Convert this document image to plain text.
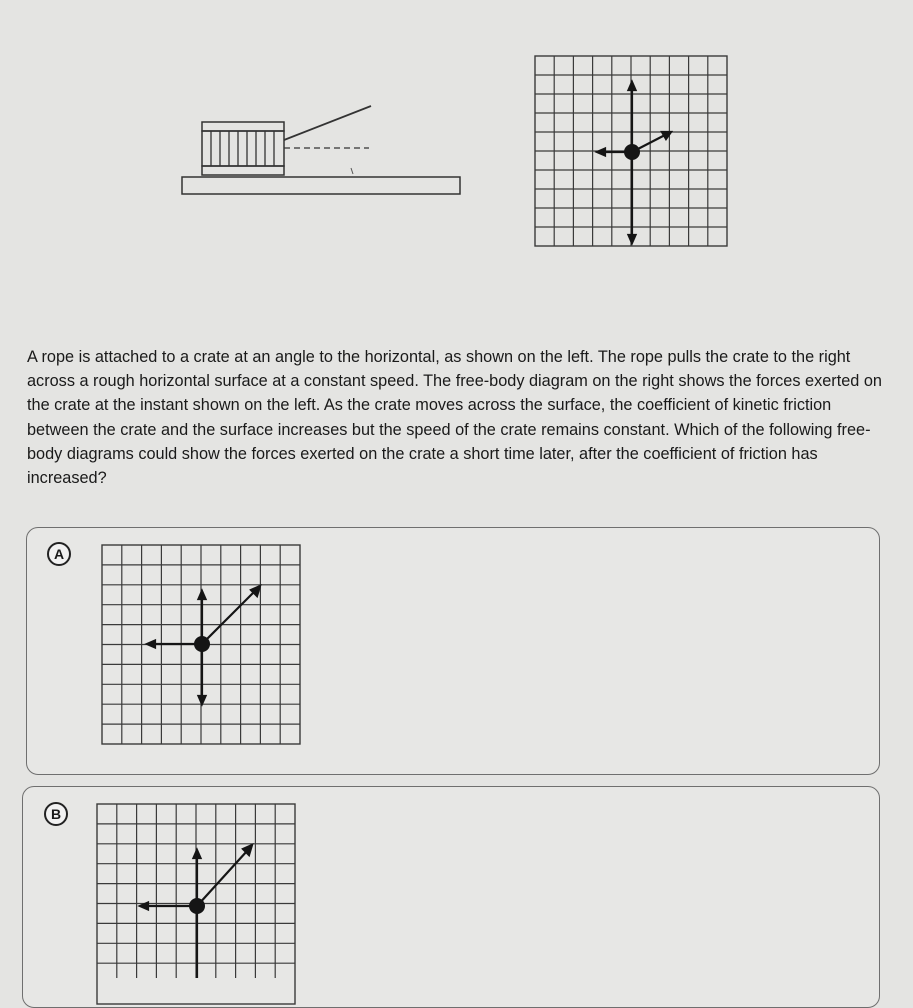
A rope is attached to a crate at an angle to the horizontal, as shown on the left. The rope pulls the crate to the right across a rough horizontal surface at a constant speed. The free-body diagram on the right shows the forces exerted on the crate at the instant shown on the left. As the crate moves across the surface, the coefficient of kinetic friction between the crate and the surface increases but the speed of the crate remains constant. Which of the following free-body diagrams could show the forces exerted on the crate a short time later, after the coefficient of friction has increased?
A
B
